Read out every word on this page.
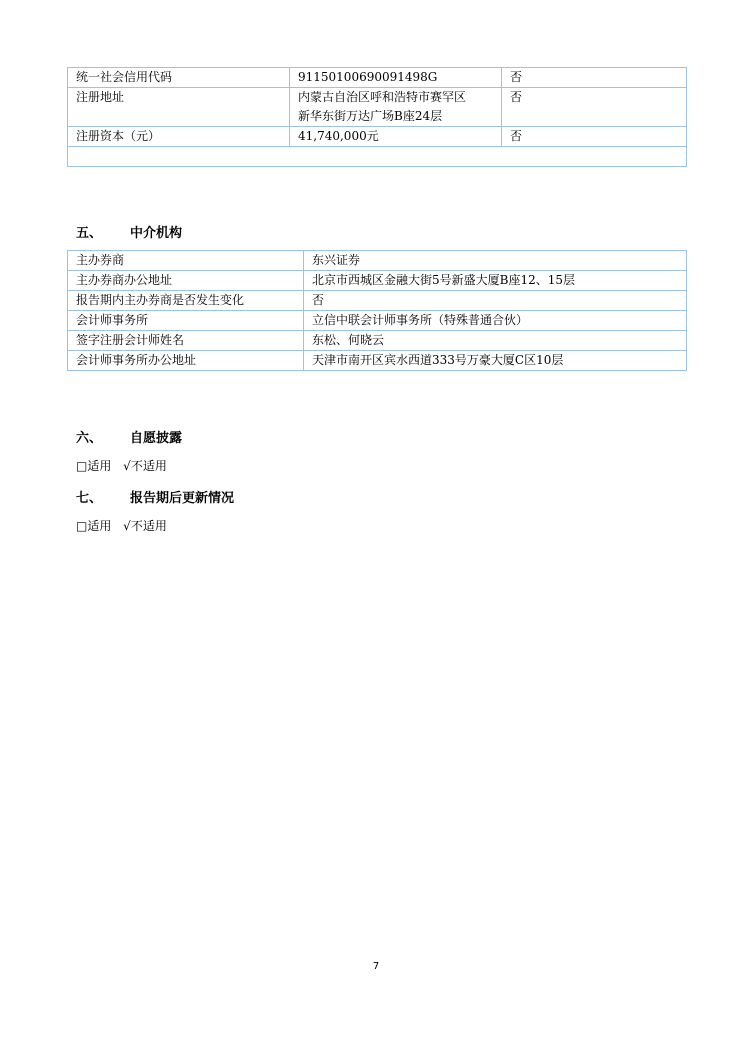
统一社会信用代码	91150100690091498G	否
注册地址	内蒙古自治区呼和浩特市赛罕区
新华东街万达广场B座24层	否
注册资本（元）	41,740,000元	否

五、 中介机构
主办券商	东兴证券
主办券商办公地址	北京市西城区金融大街5号新盛大厦B座12、15层
报告期内主办券商是否发生变化	否
会计师事务所	立信中联会计师事务所（特殊普通合伙）
签字注册会计师姓名	东松、何晓云
会计师事务所办公地址	天津市南开区宾水西道333号万豪大厦C区10层
六、 自愿披露
□适用 √不适用
七、 报告期后更新情况
□适用 √不适用
7
